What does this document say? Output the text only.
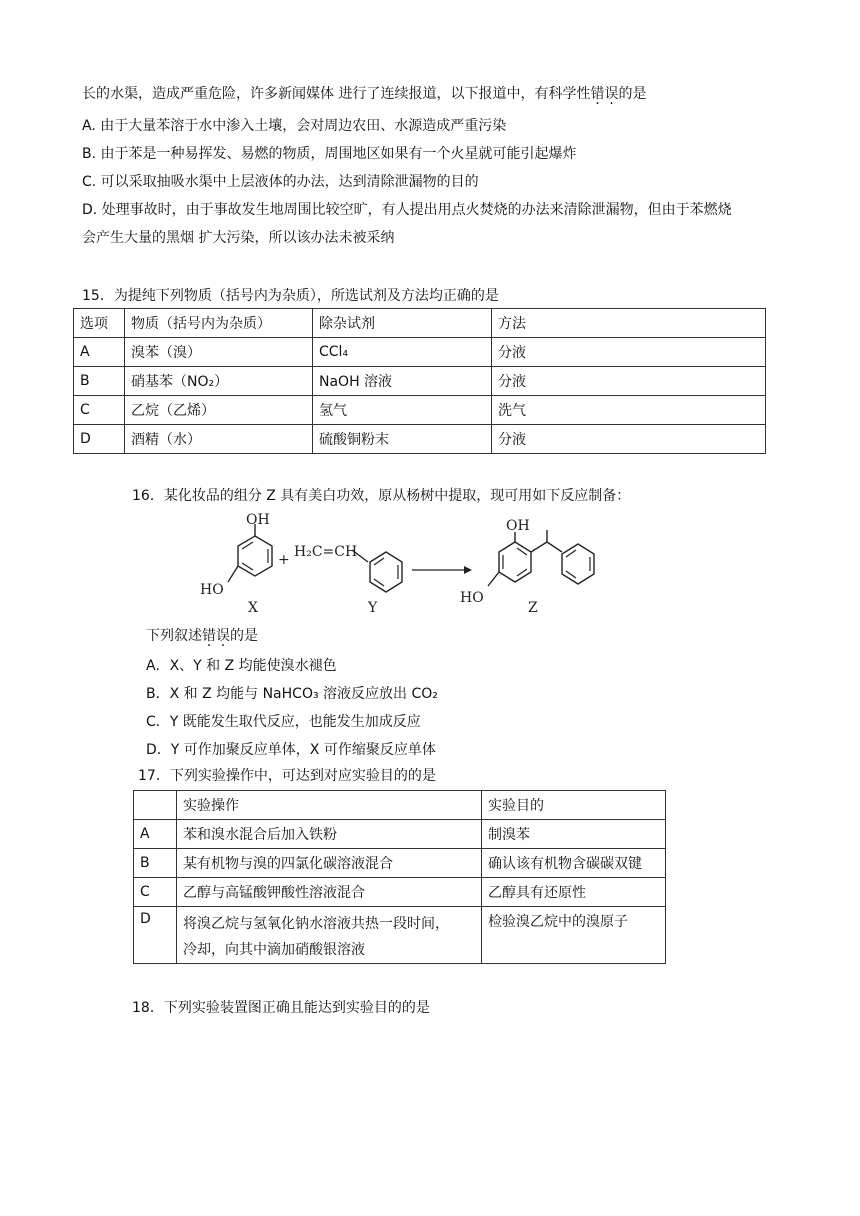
长的水渠，造成严重危险，许多新闻媒体 进行了连续报道，以下报道中，有科学性错误的是
A. 由于大量苯溶于水中渗入土壤，会对周边农田、水源造成严重污染
B. 由于苯是一种易挥发、易燃的物质，周围地区如果有一个火星就可能引起爆炸
C. 可以采取抽吸水渠中上层液体的办法，达到清除泄漏物的目的
D. 处理事故时，由于事故发生地周围比较空旷，有人提出用点火焚烧的办法来清除泄漏物，但由于苯燃烧
会产生大量的黑烟 扩大污染，所以该办法未被采纳
15．为提纯下列物质（括号内为杂质），所选试剂及方法均正确的是
选项	物质（括号内为杂质）	除杂试剂	方法
A	溴苯（溴）	CCl₄	分液
B	硝基苯（NO₂）	NaOH 溶液	分液
C	乙烷（乙烯）	氢气	洗气
D	酒精（水）	硫酸铜粉末	分液
16．某化妆品的组分 Z 具有美白功效，原从杨树中提取，现可用如下反应制备：
OH
HO
X
+ H₂C=CH
Y
OH
HO
Z
下列叙述错误的是
A．X、Y 和 Z 均能使溴水褪色
B．X 和 Z 均能与 NaHCO₃ 溶液反应放出 CO₂
C．Y 既能发生取代反应，也能发生加成反应
D．Y 可作加聚反应单体，X 可作缩聚反应单体
17．下列实验操作中，可达到对应实验目的的是
	实验操作	实验目的
A	苯和溴水混合后加入铁粉	制溴苯
B	某有机物与溴的四氯化碳溶液混合	确认该有机物含碳碳双键
C	乙醇与高锰酸钾酸性溶液混合	乙醇具有还原性
D	将溴乙烷与氢氧化钠水溶液共热一段时间，
冷却，向其中滴加硝酸银溶液	检验溴乙烷中的溴原子
18．下列实验装置图正确且能达到实验目的的是
